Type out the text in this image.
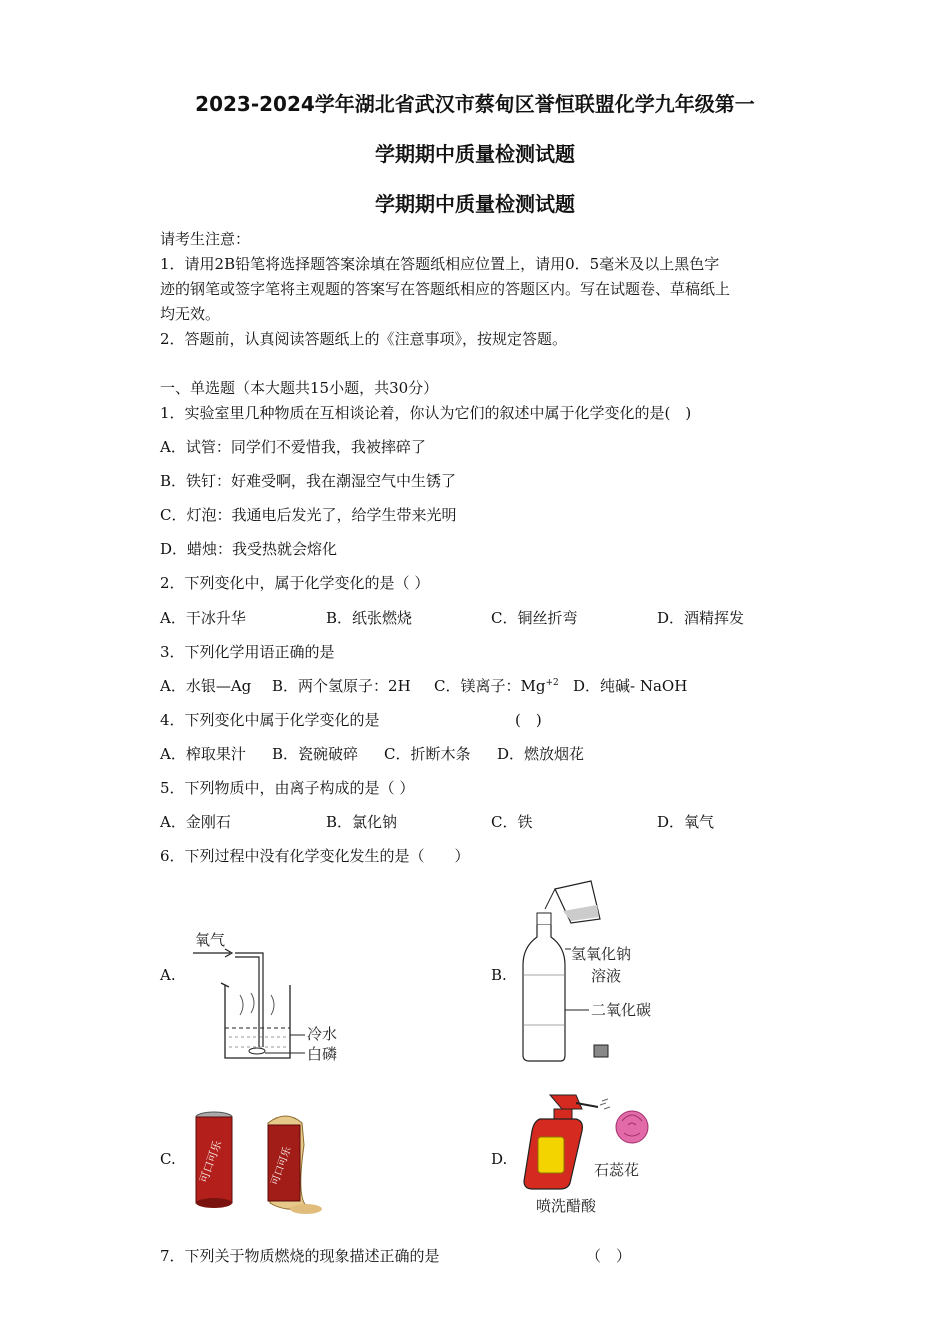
2023-2024学年湖北省武汉市蔡甸区誉恒联盟化学九年级第一
学期期中质量检测试题
学期期中质量检测试题
请考生注意：
1．请用2B铅笔将选择题答案涂填在答题纸相应位置上，请用0．5毫米及以上黑色字
迹的钢笔或签字笔将主观题的答案写在答题纸相应的答题区内。写在试题卷、草稿纸上
均无效。
2．答题前，认真阅读答题纸上的《注意事项》，按规定答题。
一、单选题（本大题共15小题，共30分）
1．实验室里几种物质在互相谈论着，你认为它们的叙述中属于化学变化的是(　)
A．试管：同学们不爱惜我，我被摔碎了
B．铁钉：好难受啊，我在潮湿空气中生锈了
C．灯泡：我通电后发光了，给学生带来光明
D．蜡烛：我受热就会熔化
2．下列变化中，属于化学变化的是（ ）
A．干冰升华	B．纸张燃烧	C．铜丝折弯	D．酒精挥发
3．下列化学用语正确的是
A．水银—Ag B．两个氢原子：2H C．镁离子：$Mg^{+2}$ D．纯碱- NaOH
4．下列变化中属于化学变化的是	(　)
A．榨取果汁 B．瓷碗破碎 C．折断木条 D．燃放烟花
5．下列物质中，由离子构成的是（ ）
A．金刚石	B．氯化钠	C．铁	D．氧气
6．下列过程中没有化学变化发生的是（　　）
A.	B.
C.	D.
氧气
冷水
白磷
氢氧化钠
溶液
二氧化碳
可口可乐	可口可乐	石蕊花
喷洗醋酸
7．下列关于物质燃烧的现象描述正确的是	（　）
